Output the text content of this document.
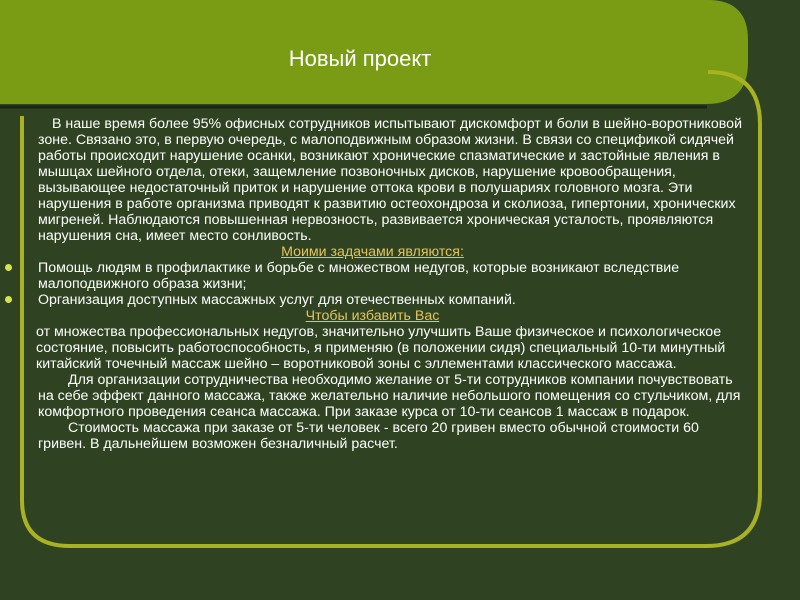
Новый проект

В наше время более 95% офисных сотрудников испытывают дискомфорт и боли в шейно-воротниковой зоне. Связано это, в первую очередь, с малоподвижным образом жизни. В связи со спецификой сидячей работы происходит нарушение осанки, возникают хронические спазматические и застойные явления в мышцах шейного отдела, отеки, защемление позвоночных дисков, нарушение кровообращения, вызывающее недостаточный приток и нарушение оттока крови в полушариях головного мозга. Эти нарушения в работе организма приводят к развитию остеохондроза и сколиоза, гипертонии, хронических мигреней. Наблюдаются повышенная нервозность, развивается хроническая усталость, проявляются нарушения сна, имеет место сонливость.

Моими задачами являются:
Помощь людям в профилактике и борьбе с множеством недугов, которые возникают вследствие малоподвижного образа жизни;
Организация доступных массажных услуг для отечественных компаний.
Чтобы избавить Вас

от множества профессиональных недугов, значительно улучшить Ваше физическое и психологическое состояние, повысить работоспособность, я применяю (в положении сидя) специальный 10-ти минутный китайский точечный массаж шейно – воротниковой зоны с эллементами классического массажа.

Для организации сотрудничества необходимо желание от 5-ти сотрудников компании почувствовать на себе эффект данного массажа, также желательно наличие небольшого помещения со стульчиком, для комфортного проведения сеанса массажа. При заказе курса от 10-ти сеансов 1 массаж в подарок.

Стоимость массажа при заказе от 5-ти человек - всего 20 гривен вместо обычной стоимости 60 гривен. В дальнейшем возможен безналичный расчет.
